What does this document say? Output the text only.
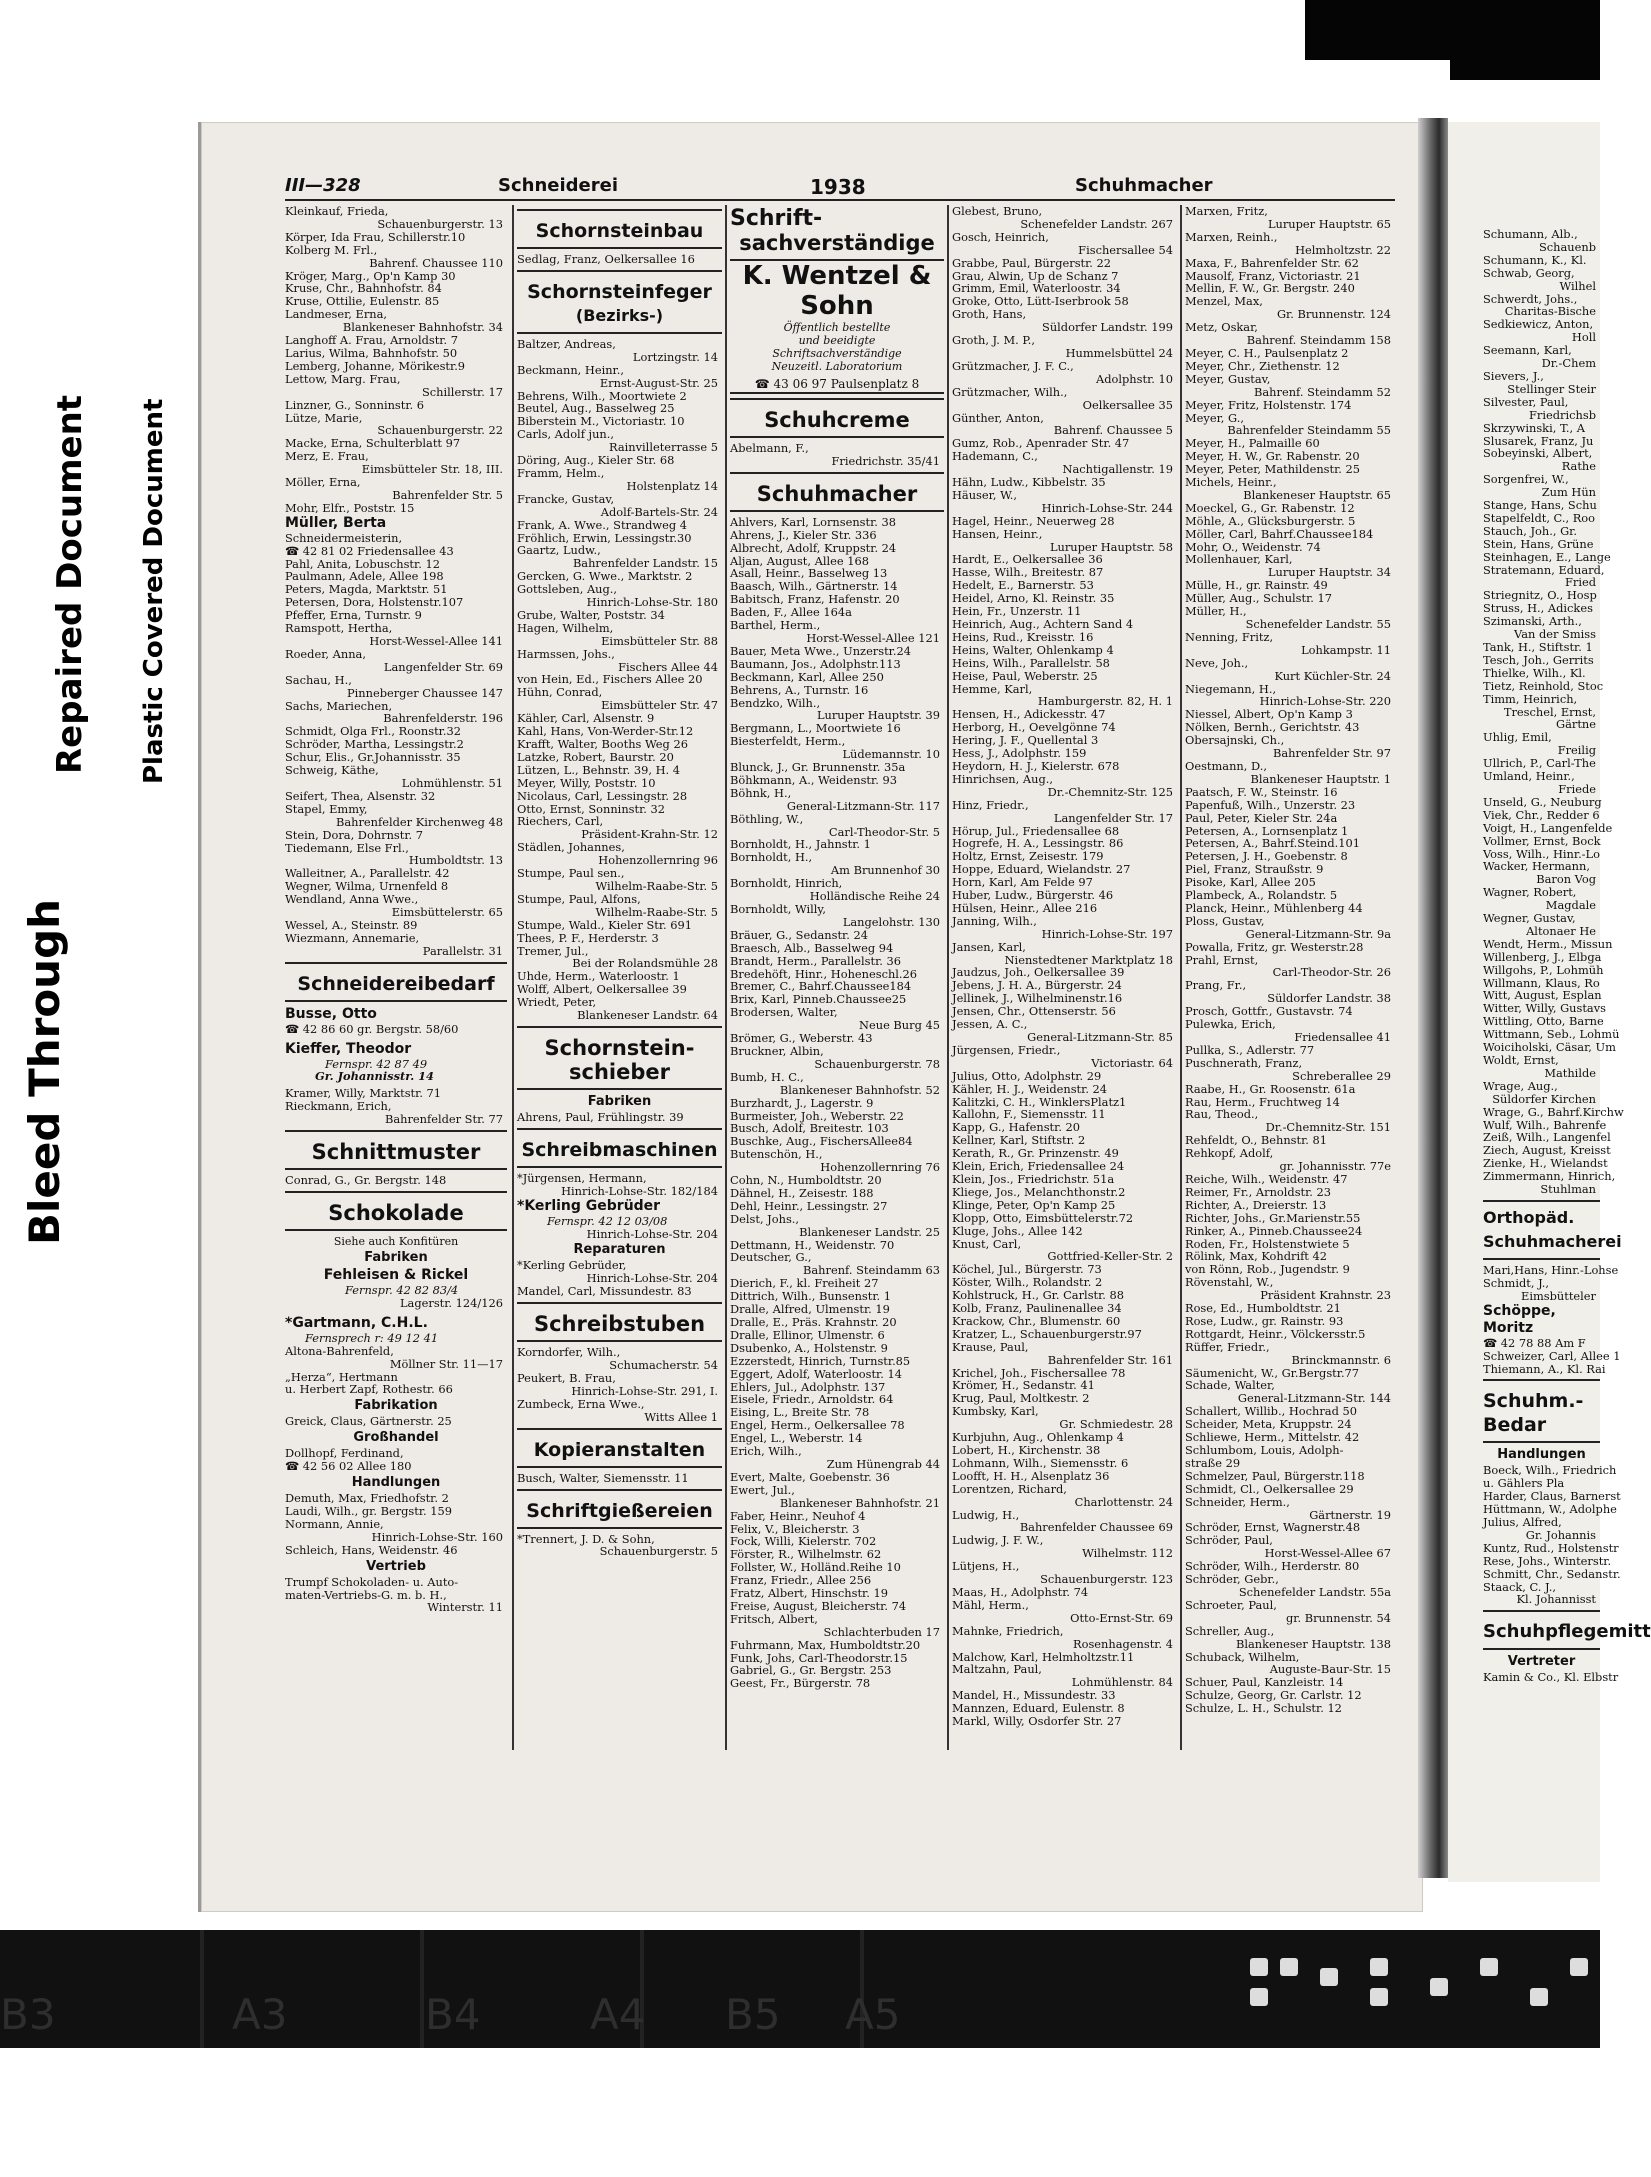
Repaired Document Plastic Covered Document
Bleed Through
III—328	Schneiderei	1938	Schuhmacher
Kleinkauf, Frieda,
Schauenburgerstr. 13
Körper, Ida Frau, Schillerstr.10
Kolberg M. Frl.,
Bahrenf. Chaussee 110
Kröger, Marg., Op'n Kamp 30
Kruse, Chr., Bahnhofstr. 84
Kruse, Ottilie, Eulenstr. 85
Landmeser, Erna,
Blankeneser Bahnhofstr. 34
Langhoff A. Frau, Arnoldstr. 7
Larius, Wilma, Bahnhofstr. 50
Lemberg, Johanne, Mörikestr.9
Lettow, Marg. Frau,
Schillerstr. 17
Linzner, G., Sonninstr. 6
Lütze, Marie,
Schauenburgerstr. 22
Macke, Erna, Schulterblatt 97
Merz, E. Frau,
Eimsbütteler Str. 18, III.
Möller, Erna,
Bahrenfelder Str. 5
Mohr, Elfr., Poststr. 15
Müller, Berta
Schneidermeisterin,
☎ 42 81 02 Friedensallee 43
Pahl, Anita, Lobuschstr. 12
Paulmann, Adele, Allee 198
Peters, Magda, Marktstr. 51
Petersen, Dora, Holstenstr.107
Pfeffer, Erna, Turnstr. 9
Ramspott, Hertha,
Horst-Wessel-Allee 141
Roeder, Anna,
Langenfelder Str. 69
Sachau, H.,
Pinneberger Chaussee 147
Sachs, Mariechen,
Bahrenfelderstr. 196
Schmidt, Olga Frl., Roonstr.32
Schröder, Martha, Lessingstr.2
Schur, Elis., Gr.Johannisstr. 35
Schweig, Käthe,
Lohmühlenstr. 51
Seifert, Thea, Alsenstr. 32
Stapel, Emmy,
Bahrenfelder Kirchenweg 48
Stein, Dora, Dohrnstr. 7
Tiedemann, Else Frl.,
Humboldtstr. 13
Walleitner, A., Parallelstr. 42
Wegner, Wilma, Urnenfeld 8
Wendland, Anna Wwe.,
Eimsbüttelerstr. 65
Wessel, A., Steinstr. 89
Wiezmann, Annemarie,
Parallelstr. 31
Schneidereibedarf
Busse, Otto
☎ 42 86 60 gr. Bergstr. 58/60
Kieffer, Theodor
Fernspr. 42 87 49
Gr. Johannisstr. 14
Kramer, Willy, Marktstr. 71
Rieckmann, Erich,
Bahrenfelder Str. 77
Schnittmuster
Conrad, G., Gr. Bergstr. 148
Schokolade
Siehe auch Konfitüren
Fabriken
Fehleisen & Rickel
Fernspr. 42 82 83/4
Lagerstr. 124/126
*Gartmann, C.H.L.
Fernsprech r: 49 12 41
Altona-Bahrenfeld,
Möllner Str. 11—17
„Herza“, Hertmann
u. Herbert Zapf, Rothestr. 66
Fabrikation
Greick, Claus, Gärtnerstr. 25
Großhandel
Dollhopf, Ferdinand,
☎ 42 56 02 Allee 180
Handlungen
Demuth, Max, Friedhofstr. 2
Laudi, Wilh., gr. Bergstr. 159
Normann, Annie,
Hinrich-Lohse-Str. 160
Schleich, Hans, Weidenstr. 46
Vertrieb
Trumpf Schokoladen- u. Auto-
maten-Vertriebs-G. m. b. H.,
Winterstr. 11
Schornsteinbau
Sedlag, Franz, Oelkersallee 16
Schornsteinfeger
(Bezirks-)
Baltzer, Andreas,
Lortzingstr. 14
Beckmann, Heinr.,
Ernst-August-Str. 25
Behrens, Wilh., Moortwiete 2
Beutel, Aug., Basselweg 25
Biberstein M., Victoriastr. 10
Carls, Adolf jun.,
Rainvilleterrasse 5
Döring, Aug., Kieler Str. 68
Framm, Helm.,
Holstenplatz 14
Francke, Gustav,
Adolf-Bartels-Str. 24
Frank, A. Wwe., Strandweg 4
Fröhlich, Erwin, Lessingstr.30
Gaartz, Ludw.,
Bahrenfelder Landstr. 15
Gercken, G. Wwe., Marktstr. 2
Gottsleben, Aug.,
Hinrich-Lohse-Str. 180
Grube, Walter, Poststr. 34
Hagen, Wilhelm,
Eimsbütteler Str. 88
Harmssen, Johs.,
Fischers Allee 44
von Hein, Ed., Fischers Allee 20
Hühn, Conrad,
Eimsbütteler Str. 47
Kähler, Carl, Alsenstr. 9
Kahl, Hans, Von-Werder-Str.12
Krafft, Walter, Booths Weg 26
Latzke, Robert, Baurstr. 20
Lützen, L., Behnstr. 39, H. 4
Meyer, Willy, Poststr. 10
Nicolaus, Carl, Lessingstr. 28
Otto, Ernst, Sonninstr. 32
Riechers, Carl,
Präsident-Krahn-Str. 12
Städlen, Johannes,
Hohenzollernring 96
Stumpe, Paul sen.,
Wilhelm-Raabe-Str. 5
Stumpe, Paul, Alfons,
Wilhelm-Raabe-Str. 5
Stumpe, Wald., Kieler Str. 691
Thees, P. F., Herderstr. 3
Tremer, Jul.,
Bei der Rolandsmühle 28
Uhde, Herm., Waterloostr. 1
Wolff, Albert, Oelkersallee 39
Wriedt, Peter,
Blankeneser Landstr. 64
Schornstein-
schieber
Fabriken
Ahrens, Paul, Frühlingstr. 39
Schreibmaschinen
*Jürgensen, Hermann,
Hinrich-Lohse-Str. 182/184
*Kerling Gebrüder
Fernspr. 42 12 03/08
Hinrich-Lohse-Str. 204
Reparaturen
*Kerling Gebrüder,
Hinrich-Lohse-Str. 204
Mandel, Carl, Missundestr. 83
Schreibstuben
Korndorfer, Wilh.,
Schumacherstr. 54
Peukert, B. Frau,
Hinrich-Lohse-Str. 291, I.
Zumbeck, Erna Wwe.,
Witts Allee 1
Kopieranstalten
Busch, Walter, Siemensstr. 11
Schriftgießereien
*Trennert, J. D. & Sohn,
Schauenburgerstr. 5
Schrift-
sachverständige
K. Wentzel & Sohn
Öffentlich bestellte
und beeidigte
Schriftsachverständige
Neuzeitl. Laboratorium
☎ 43 06 97 Paulsenplatz 8
Schuhcreme
Abelmann, F.,
Friedrichstr. 35/41
Schuhmacher
Ahlvers, Karl, Lornsenstr. 38
Ahrens, J., Kieler Str. 336
Albrecht, Adolf, Kruppstr. 24
Aljan, August, Allee 168
Asall, Heinr., Basselweg 13
Baasch, Wilh., Gärtnerstr. 14
Babitsch, Franz, Hafenstr. 20
Baden, F., Allee 164a
Barthel, Herm.,
Horst-Wessel-Allee 121
Bauer, Meta Wwe., Unzerstr.24
Baumann, Jos., Adolphstr.113
Beckmann, Karl, Allee 250
Behrens, A., Turnstr. 16
Bendzko, Wilh.,
Luruper Hauptstr. 39
Bergmann, L., Moortwiete 16
Biesterfeldt, Herm.,
Lüdemannstr. 10
Blunck, J., Gr. Brunnenstr. 35a
Böhkmann, A., Weidenstr. 93
Böhnk, H.,
General-Litzmann-Str. 117
Böthling, W.,
Carl-Theodor-Str. 5
Bornholdt, H., Jahnstr. 1
Bornholdt, H.,
Am Brunnenhof 30
Bornholdt, Hinrich,
Holländische Reihe 24
Bornholdt, Willy,
Langelohstr. 130
Bräuer, G., Sedanstr. 24
Braesch, Alb., Basselweg 94
Brandt, Herm., Parallelstr. 36
Bredehöft, Hinr., Hoheneschl.26
Bremer, C., Bahrf.Chaussee184
Brix, Karl, Pinneb.Chaussee25
Brodersen, Walter,
Neue Burg 45
Brömer, G., Weberstr. 43
Bruckner, Albin,
Schauenburgerstr. 78
Bumb, H. C.,
Blankeneser Bahnhofstr. 52
Burzhardt, J., Lagerstr. 9
Burmeister, Joh., Weberstr. 22
Busch, Adolf, Breitestr. 103
Buschke, Aug., FischersAllee84
Butenschön, H.,
Hohenzollernring 76
Cohn, N., Humboldtstr. 20
Dähnel, H., Zeisestr. 188
Dehl, Heinr., Lessingstr. 27
Delst, Johs.,
Blankeneser Landstr. 25
Dettmann, H., Weidenstr. 70
Deutscher, G.,
Bahrenf. Steindamm 63
Dierich, F., kl. Freiheit 27
Dittrich, Wilh., Bunsenstr. 1
Dralle, Alfred, Ulmenstr. 19
Dralle, E., Präs. Krahnstr. 20
Dralle, Ellinor, Ulmenstr. 6
Dsubenko, A., Holstenstr. 9
Ezzerstedt, Hinrich, Turnstr.85
Eggert, Adolf, Waterloostr. 14
Ehlers, Jul., Adolphstr. 137
Eisele, Friedr., Arnoldstr. 64
Eising, L., Breite Str. 78
Engel, Herm., Oelkersallee 78
Engel, L., Weberstr. 14
Erich, Wilh.,
Zum Hünengrab 44
Evert, Malte, Goebenstr. 36
Ewert, Jul.,
Blankeneser Bahnhofstr. 21
Faber, Heinr., Neuhof 4
Felix, V., Bleicherstr. 3
Fock, Willi, Kielerstr. 702
Förster, R., Wilhelmstr. 62
Follster, W., Holländ.Reihe 10
Franz, Friedr., Allee 256
Fratz, Albert, Hinschstr. 19
Freise, August, Bleicherstr. 74
Fritsch, Albert,
Schlachterbuden 17
Fuhrmann, Max, Humboldtstr.20
Funk, Johs, Carl-Theodorstr.15
Gabriel, G., Gr. Bergstr. 253
Geest, Fr., Bürgerstr. 78
Glebest, Bruno,
Schenefelder Landstr. 267
Gosch, Heinrich,
Fischersallee 54
Grabbe, Paul, Bürgerstr. 22
Grau, Alwin, Up de Schanz 7
Grimm, Emil, Waterloostr. 34
Groke, Otto, Lütt-Iserbrook 58
Groth, Hans,
Süldorfer Landstr. 199
Groth, J. M. P.,
Hummelsbüttel 24
Grützmacher, J. F. C.,
Adolphstr. 10
Grützmacher, Wilh.,
Oelkersallee 35
Günther, Anton,
Bahrenf. Chaussee 5
Gumz, Rob., Apenrader Str. 47
Hademann, C.,
Nachtigallenstr. 19
Hähn, Ludw., Kibbelstr. 35
Häuser, W.,
Hinrich-Lohse-Str. 244
Hagel, Heinr., Neuerweg 28
Hansen, Heinr.,
Luruper Hauptstr. 58
Hardt, E., Oelkersallee 36
Hasse, Wilh., Breitestr. 87
Hedelt, E., Barnerstr. 53
Heidel, Arno, Kl. Reinstr. 35
Hein, Fr., Unzerstr. 11
Heinrich, Aug., Achtern Sand 4
Heins, Rud., Kreisstr. 16
Heins, Walter, Ohlenkamp 4
Heins, Wilh., Parallelstr. 58
Heise, Paul, Weberstr. 25
Hemme, Karl,
Hamburgerstr. 82, H. 1
Hensen, H., Adickesstr. 47
Herborg, H., Oevelgönne 74
Hering, J. F., Quellental 3
Hess, J., Adolphstr. 159
Heydorn, H. J., Kielerstr. 678
Hinrichsen, Aug.,
Dr.-Chemnitz-Str. 125
Hinz, Friedr.,
Langenfelder Str. 17
Hörup, Jul., Friedensallee 68
Hogrefe, H. A., Lessingstr. 86
Holtz, Ernst, Zeisestr. 179
Hoppe, Eduard, Wielandstr. 27
Horn, Karl, Am Felde 97
Huber, Ludw., Bürgerstr. 46
Hülsen, Heinr., Allee 216
Janning, Wilh.,
Hinrich-Lohse-Str. 197
Jansen, Karl,
Nienstedtener Marktplatz 18
Jaudzus, Joh., Oelkersallee 39
Jebens, J. H. A., Bürgerstr. 24
Jellinek, J., Wilhelminenstr.16
Jensen, Chr., Ottenserstr. 56
Jessen, A. C.,
General-Litzmann-Str. 85
Jürgensen, Friedr.,
Victoriastr. 64
Julius, Otto, Adolphstr. 29
Kähler, H. J., Weidenstr. 24
Kalitzki, C. H., WinklersPlatz1
Kallohn, F., Siemensstr. 11
Kapp, G., Hafenstr. 20
Kellner, Karl, Stiftstr. 2
Kerath, R., Gr. Prinzenstr. 49
Klein, Erich, Friedensallee 24
Klein, Jos., Friedrichstr. 51a
Kliege, Jos., Melanchthonstr.2
Klinge, Peter, Op'n Kamp 25
Klopp, Otto, Eimsbüttelerstr.72
Kluge, Johs., Allee 142
Knust, Carl,
Gottfried-Keller-Str. 2
Köchel, Jul., Bürgerstr. 73
Köster, Wilh., Rolandstr. 2
Kohlstruck, H., Gr. Carlstr. 88
Kolb, Franz, Paulinenallee 34
Krackow, Chr., Blumenstr. 60
Kratzer, L., Schauenburgerstr.97
Krause, Paul,
Bahrenfelder Str. 161
Krichel, Joh., Fischersallee 78
Krömer, H., Sedanstr. 41
Krug, Paul, Moltkestr. 2
Kumbsky, Karl,
Gr. Schmiedestr. 28
Kurbjuhn, Aug., Ohlenkamp 4
Lobert, H., Kirchenstr. 38
Lohmann, Wilh., Siemensstr. 6
Loofft, H. H., Alsenplatz 36
Lorentzen, Richard,
Charlottenstr. 24
Ludwig, H.,
Bahrenfelder Chaussee 69
Ludwig, J. F. W.,
Wilhelmstr. 112
Lütjens, H.,
Schauenburgerstr. 123
Maas, H., Adolphstr. 74
Mähl, Herm.,
Otto-Ernst-Str. 69
Mahnke, Friedrich,
Rosenhagenstr. 4
Malchow, Karl, Helmholtzstr.11
Maltzahn, Paul,
Lohmühlenstr. 84
Mandel, H., Missundestr. 33
Mannzen, Eduard, Eulenstr. 8
Markl, Willy, Osdorfer Str. 27
Marxen, Fritz,
Luruper Hauptstr. 65
Marxen, Reinh.,
Helmholtzstr. 22
Maxa, F., Bahrenfelder Str. 62
Mausolf, Franz, Victoriastr. 21
Mellin, F. W., Gr. Bergstr. 240
Menzel, Max,
Gr. Brunnenstr. 124
Metz, Oskar,
Bahrenf. Steindamm 158
Meyer, C. H., Paulsenplatz 2
Meyer, Chr., Ziethenstr. 12
Meyer, Gustav,
Bahrenf. Steindamm 52
Meyer, Fritz, Holstenstr. 174
Meyer, G.,
Bahrenfelder Steindamm 55
Meyer, H., Palmaille 60
Meyer, H. W., Gr. Rabenstr. 20
Meyer, Peter, Mathildenstr. 25
Michels, Heinr.,
Blankeneser Hauptstr. 65
Moeckel, G., Gr. Rabenstr. 12
Möhle, A., Glücksburgerstr. 5
Möller, Carl, Bahrf.Chaussee184
Mohr, O., Weidenstr. 74
Mollenhauer, Karl,
Luruper Hauptstr. 34
Mülle, H., gr. Rainstr. 49
Müller, Aug., Schulstr. 17
Müller, H.,
Schenefelder Landstr. 55
Nenning, Fritz,
Lohkampstr. 11
Neve, Joh.,
Kurt Küchler-Str. 24
Niegemann, H.,
Hinrich-Lohse-Str. 220
Niessel, Albert, Op'n Kamp 3
Nölken, Bernh., Gerichtstr. 43
Obersajnski, Ch.,
Bahrenfelder Str. 97
Oestmann, D.,
Blankeneser Hauptstr. 1
Paatsch, F. W., Steinstr. 16
Papenfuß, Wilh., Unzerstr. 23
Paul, Peter, Kieler Str. 24a
Petersen, A., Lornsenplatz 1
Petersen, A., Bahrf.Steind.101
Petersen, J. H., Goebenstr. 8
Piel, Franz, Straußstr. 9
Pisoke, Karl, Allee 205
Plambeck, A., Rolandstr. 5
Planck, Heinr., Mühlenberg 44
Ploss, Gustav,
General-Litzmann-Str. 9a
Powalla, Fritz, gr. Westerstr.28
Prahl, Ernst,
Carl-Theodor-Str. 26
Prang, Fr.,
Süldorfer Landstr. 38
Prosch, Gottfr., Gustavstr. 74
Pulewka, Erich,
Friedensallee 41
Pullka, S., Adlerstr. 77
Puschnerath, Franz,
Schreberallee 29
Raabe, H., Gr. Roosenstr. 61a
Rau, Herm., Fruchtweg 14
Rau, Theod.,
Dr.-Chemnitz-Str. 151
Rehfeldt, O., Behnstr. 81
Rehkopf, Adolf,
gr. Johannisstr. 77e
Reiche, Wilh., Weidenstr. 47
Reimer, Fr., Arnoldstr. 23
Richter, A., Dreierstr. 13
Richter, Johs., Gr.Marienstr.55
Rinker, A., Pinneb.Chaussee24
Roden, Fr., Holstenstwiete 5
Rölink, Max, Kohdrift 42
von Rönn, Rob., Jugendstr. 9
Rövenstahl, W.,
Präsident Krahnstr. 23
Rose, Ed., Humboldtstr. 21
Rose, Ludw., gr. Rainstr. 93
Rottgardt, Heinr., Völckersstr.5
Rüffer, Friedr.,
Brinckmannstr. 6
Säumenicht, W., Gr.Bergstr.77
Schade, Walter,
General-Litzmann-Str. 144
Schallert, Willib., Hochrad 50
Scheider, Meta, Kruppstr. 24
Schliewe, Herm., Mittelstr. 42
Schlumbom, Louis, Adolph-
straße 29
Schmelzer, Paul, Bürgerstr.118
Schmidt, Cl., Oelkersallee 29
Schneider, Herm.,
Gärtnerstr. 19
Schröder, Ernst, Wagnerstr.48
Schröder, Paul,
Horst-Wessel-Allee 67
Schröder, Wilh., Herderstr. 80
Schröder, Gebr.,
Schenefelder Landstr. 55a
Schroeter, Paul,
gr. Brunnenstr. 54
Schreller, Aug.,
Blankeneser Hauptstr. 138
Schuback, Wilhelm,
Auguste-Baur-Str. 15
Schuer, Paul, Kanzleistr. 14
Schulze, Georg, Gr. Carlstr. 12
Schulze, L. H., Schulstr. 12
Schumann, Alb.,
Schauenb
Schumann, K., Kl.
Schwab, Georg,
Wilhel
Schwerdt, Johs.,
Charitas-Bische
Sedkiewicz, Anton,
Holl
Seemann, Karl,
Dr.-Chem
Sievers, J.,
Stellinger Steir
Silvester, Paul,
Friedrichsb
Skrzywinski, T., A
Slusarek, Franz, Ju
Sobeyinski, Albert,
Rathe
Sorgenfrei, W.,
Zum Hün
Stange, Hans, Schu
Stapelfeldt, C., Roo
Stauch, Joh., Gr.
Stein, Hans, Grüne
Steinhagen, E., Lange
Stratemann, Eduard,
Fried
Striegnitz, O., Hosp
Struss, H., Adickes
Szimanski, Arth.,
Van der Smiss
Tank, H., Stiftstr. 1
Tesch, Joh., Gerrits
Thielke, Wilh., Kl.
Tietz, Reinhold, Stoc
Timm, Heinrich,
Treschel, Ernst,
Gärtne
Uhlig, Emil,
Freilig
Ullrich, P., Carl-The
Umland, Heinr.,
Friede
Unseld, G., Neuburg
Viek, Chr., Redder 6
Voigt, H., Langenfelde
Vollmer, Ernst, Bock
Voss, Wilh., Hinr.-Lo
Wacker, Hermann,
Baron Vog
Wagner, Robert,
Magdale
Wegner, Gustav,
Altonaer He
Wendt, Herm., Missun
Willenberg, J., Elbga
Willgohs, P., Lohmüh
Willmann, Klaus, Ro
Witt, August, Esplan
Witter, Willy, Gustavs
Wittling, Otto, Barne
Wittmann, Seb., Lohmü
Woiciholski, Cäsar, Um
Woldt, Ernst,
Mathilde
Wrage, Aug.,
Süldorfer Kirchen
Wrage, G., Bahrf.Kirchw
Wulf, Wilh., Bahrenfe
Zeiß, Wilh., Langenfel
Ziech, August, Kreisst
Zienke, H., Wielandst
Zimmermann, Hinrich,
Stuhlman
Orthopäd.
Schuhmacherei
Mari,Hans, Hinr.-Lohse
Schmidt, J.,
Eimsbütteler
Schöppe, Moritz
☎ 42 78 88 Am F
Schweizer, Carl, Allee 1
Thiemann, A., Kl. Rai
Schuhm.-Bedar
Handlungen
Boeck, Wilh., Friedrich
u. Gählers Pla
Harder, Claus, Barnerst
Hüttmann, W., Adolphe
Julius, Alfred,
Gr. Johannis
Kuntz, Rud., Holstenstr
Rese, Johs., Winterstr.
Schmitt, Chr., Sedanstr.
Staack, C. J.,
Kl. Johannisst
Schuhpflegemitt
Vertreter
Kamin & Co., Kl. Elbstr
B3	A3	B4	A4 B5 A5
